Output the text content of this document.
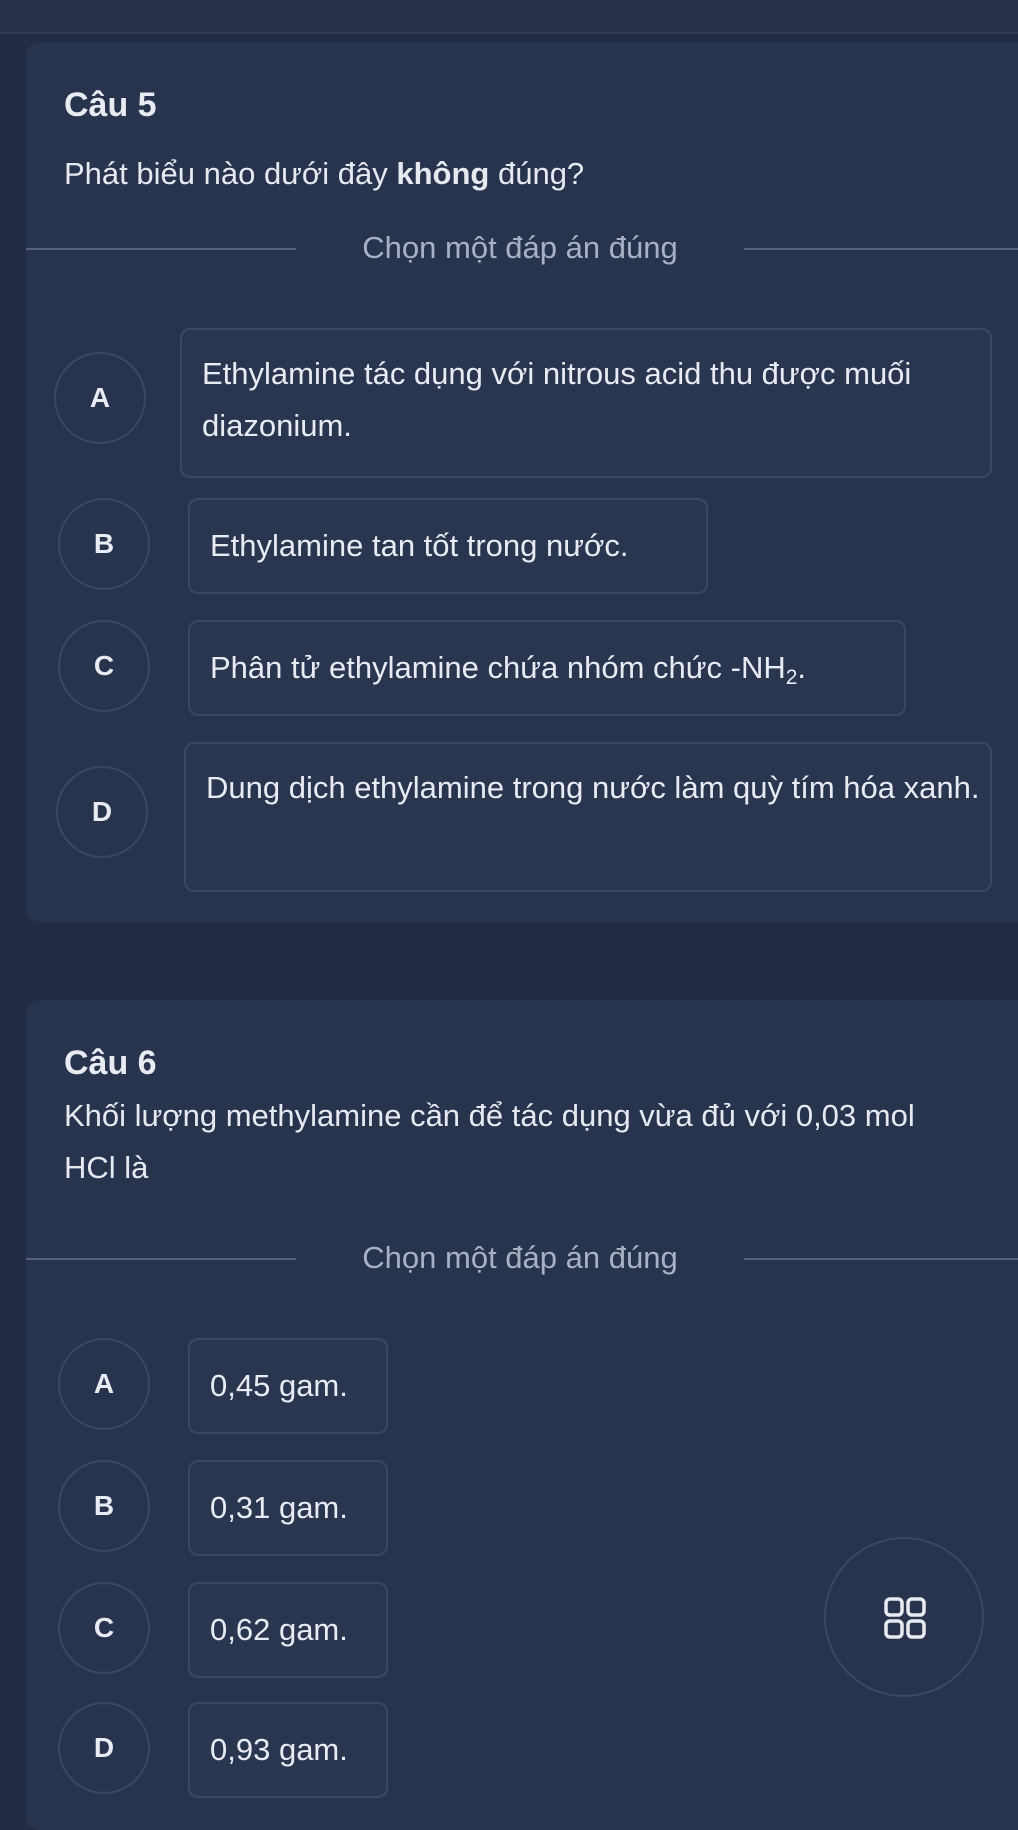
Câu 5
Phát biểu nào dưới đây không đúng?
Chọn một đáp án đúng
A
Ethylamine tác dụng với nitrous acid thu được muối diazonium.
B	Ethylamine tan tốt trong nước.
C	Phân tử ethylamine chứa nhóm chức $-NH_2$.
D
Dung dịch ethylamine trong nước làm quỳ tím hóa xanh.
Câu 6
Khối lượng methylamine cần để tác dụng vừa đủ với 0,03 mol HCl là
Chọn một đáp án đúng
A	0,45 gam.
B	0,31 gam.
C	0,62 gam.
D	0,93 gam.
